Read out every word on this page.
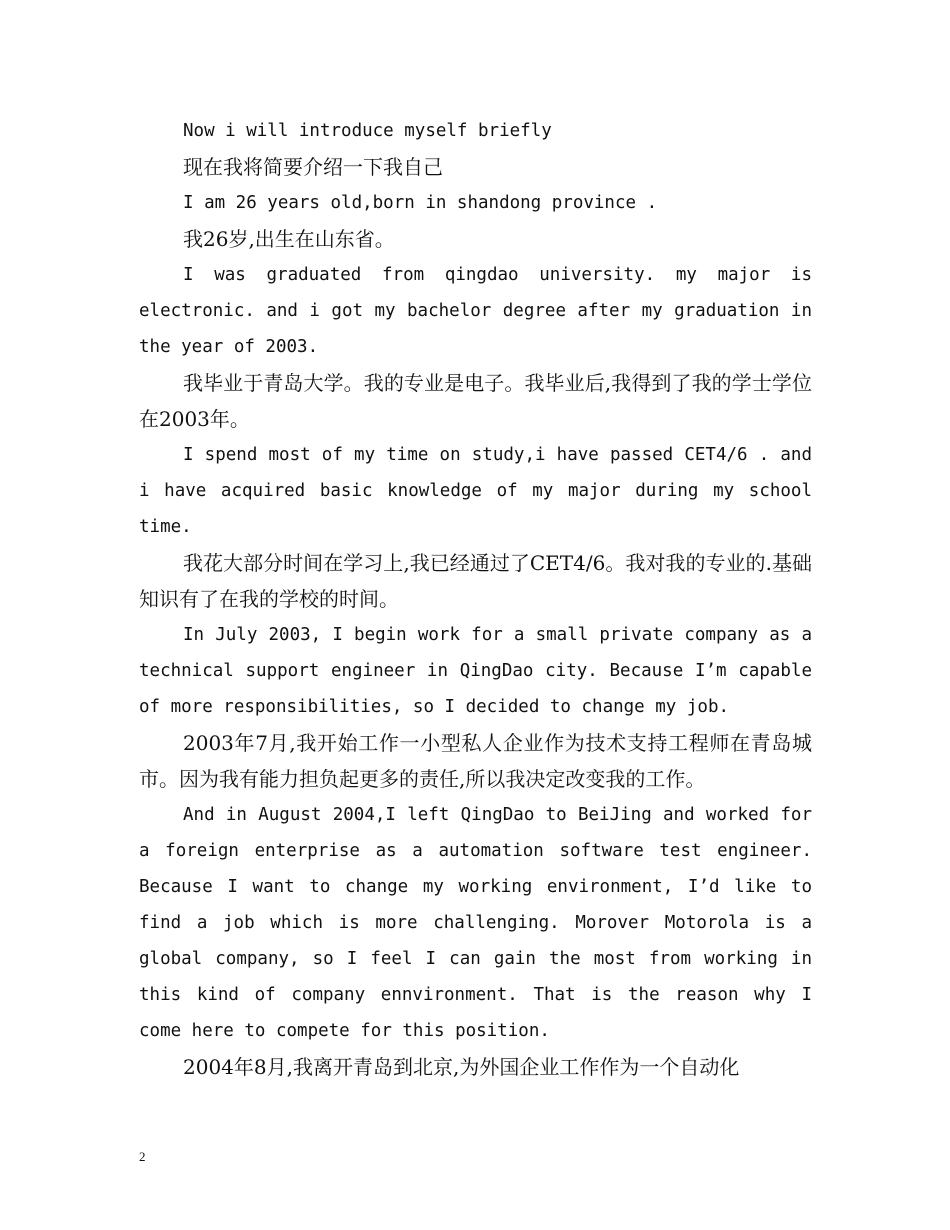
Now i will introduce myself briefly

现在我将简要介绍一下我自己

I am 26 years old,born in shandong province .

我26岁,出生在山东省。

I was graduated from qingdao university. my major is electronic. and i got my bachelor degree after my graduation in the year of 2003.

我毕业于青岛大学。我的专业是电子。我毕业后,我得到了我的学士学位在2003年。

I spend most of my time on study,i have passed CET4/6 . and i have acquired basic knowledge of my major during my school time.

我花大部分时间在学习上,我已经通过了CET4/6。我对我的专业的.基础知识有了在我的学校的时间。

In July 2003, I begin work for a small private company as a technical support engineer in QingDao city. Because I’m capable of more responsibilities, so I decided to change my job.

2003年7月,我开始工作一小型私人企业作为技术支持工程师在青岛城市。因为我有能力担负起更多的责任,所以我决定改变我的工作。

And in August 2004,I left QingDao to BeiJing and worked for a foreign enterprise as a automation software test engineer. Because I want to change my working environment, I’d like to find a job which is more challenging. Morover Motorola is a global company, so I feel I can gain the most from working in this kind of company ennvironment. That is the reason why I come here to compete for this position.

2004年8月,我离开青岛到北京,为外国企业工作作为一个自动化

2
